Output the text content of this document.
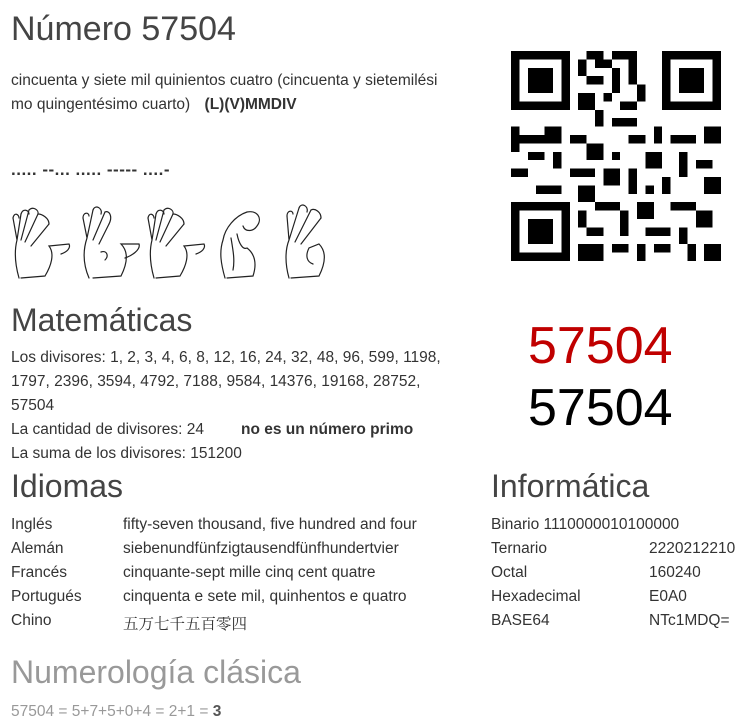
Número 57504
cincuenta y siete mil quinientos cuatro (cincuenta y sietemilési
mo quingentésimo cuarto) (L)(V)MMDIV
..... --... ..... ----- ....-
57504
57504
Matemáticas
Los divisores: 1, 2, 3, 4, 6, 8, 12, 16, 24, 32, 48, 96, 599, 1198,
1797, 2396, 3594, 4792, 7188, 9584, 14376, 19168, 28752,
57504
La cantidad de divisores: 24 no es un número primo
La suma de los divisores: 151200
Idiomas
Inglés	fifty-seven thousand, five hundred and four
Alemán	siebenundfünfzigtausendfünfhundertvier
Francés	cinquante-sept mille cinq cent quatre
Portugués	cinquenta e sete mil, quinhentos e quatro
Chino	五万七千五百零四
Informática
Binario 1110000010100000
Ternario	2220212210
Octal	160240
Hexadecimal	E0A0
BASE64	NTc1MDQ=
Numerología clásica
57504 = 5+7+5+0+4 = 2+1 = 3
